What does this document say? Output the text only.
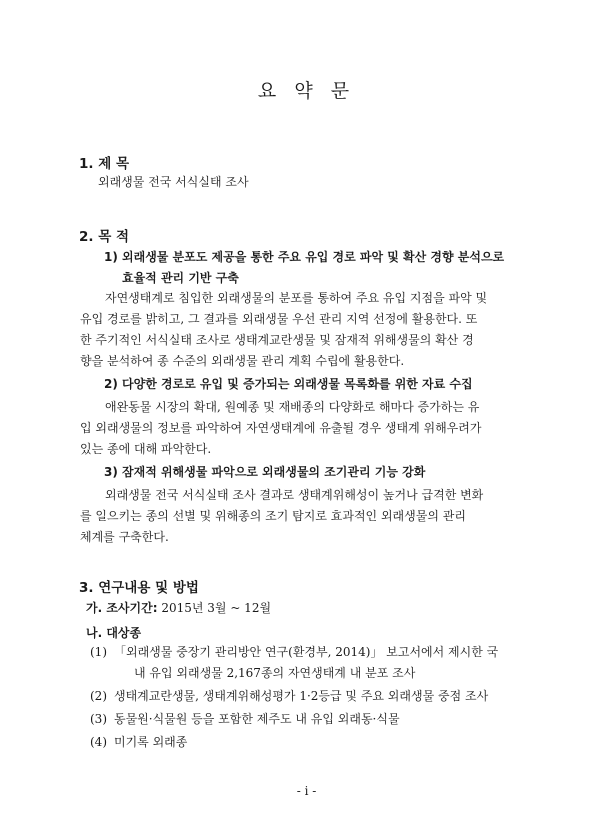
요 약 문
1. 제 목
외래생물 전국 서식실태 조사
2. 목 적
1) 외래생물 분포도 제공을 통한 주요 유입 경로 파악 및 확산 경향 분석으로
효율적 관리 기반 구축
자연생태계로 침입한 외래생물의 분포를 통하여 주요 유입 지점을 파악 및
유입 경로를 밝히고, 그 결과를 외래생물 우선 관리 지역 선정에 활용한다. 또
한 주기적인 서식실태 조사로 생태계교란생물 및 잠재적 위해생물의 확산 경
향을 분석하여 종 수준의 외래생물 관리 계획 수립에 활용한다.
2) 다양한 경로로 유입 및 증가되는 외래생물 목록화를 위한 자료 수집
애완동물 시장의 확대, 원예종 및 재배종의 다양화로 해마다 증가하는 유
입 외래생물의 정보를 파악하여 자연생태계에 유출될 경우 생태계 위해우려가
있는 종에 대해 파악한다.
3) 잠재적 위해생물 파악으로 외래생물의 조기관리 기능 강화
외래생물 전국 서식실태 조사 결과로 생태계위해성이 높거나 급격한 변화
를 일으키는 종의 선별 및 위해종의 조기 탐지로 효과적인 외래생물의 관리
체계를 구축한다.
3. 연구내용 및 방법
가. 조사기간: 2015년 3월 ~ 12월
나. 대상종
(1) 「외래생물 중장기 관리방안 연구(환경부, 2014)」 보고서에서 제시한 국
내 유입 외래생물 2,167종의 자연생태계 내 분포 조사
(2) 생태계교란생물, 생태계위해성평가 1·2등급 및 주요 외래생물 중점 조사
(3) 동물원·식물원 등을 포함한 제주도 내 유입 외래동·식물
(4) 미기록 외래종
- i -
